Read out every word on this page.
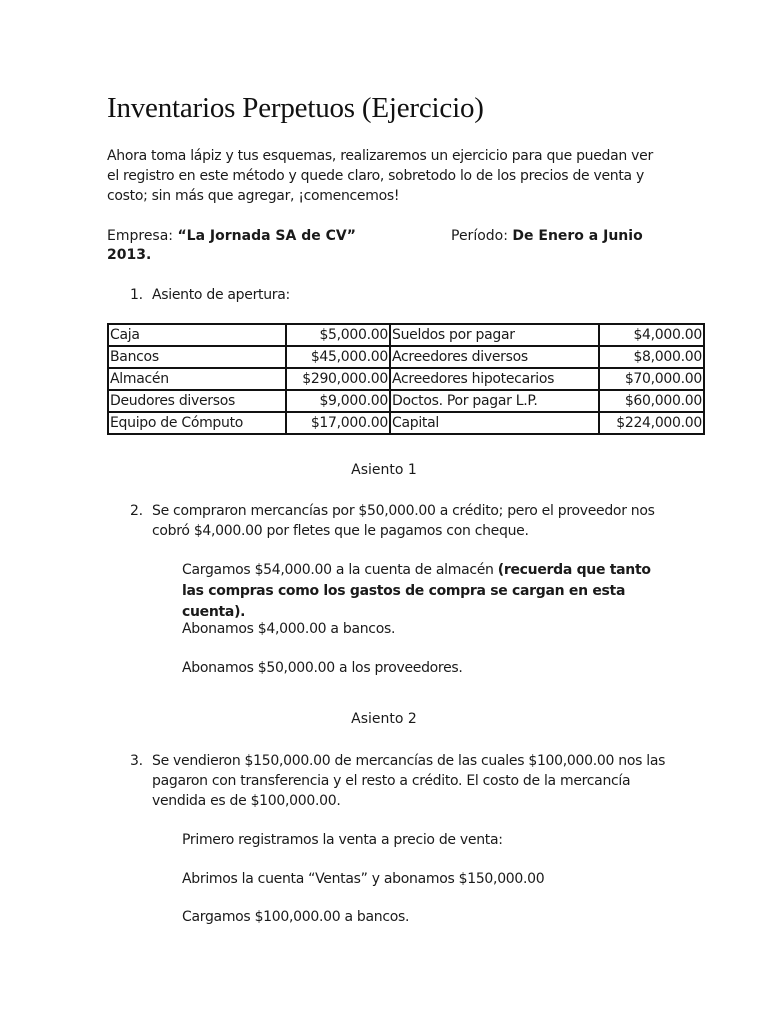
Inventarios Perpetuos (Ejercicio)

Ahora toma lápiz y tus esquemas, realizaremos un ejercicio para que puedan ver el registro en este método y quede claro, sobretodo lo de los precios de venta y costo; sin más que agregar, ¡comencemos!

Empresa: “La Jornada SA de CV”	Período: De Enero a Junio
2013.
1. Asiento de apertura:
Caja	$5,000.00	Sueldos por pagar	$4,000.00
Bancos	$45,000.00	Acreedores diversos	$8,000.00
Almacén	$290,000.00	Acreedores hipotecarios	$70,000.00
Deudores diversos	$9,000.00	Doctos. Por pagar L.P.	$60,000.00
Equipo de Cómputo	$17,000.00	Capital	$224,000.00
Asiento 1
2. Se compraron mercancías por $50,000.00 a crédito; pero el proveedor nos cobró $4,000.00 por fletes que le pagamos con cheque.
Cargamos $54,000.00 a la cuenta de almacén (recuerda que tanto las compras como los gastos de compra se cargan en esta cuenta).
Abonamos $4,000.00 a bancos.
Abonamos $50,000.00 a los proveedores.
Asiento 2
3. Se vendieron $150,000.00 de mercancías de las cuales $100,000.00 nos las pagaron con transferencia y el resto a crédito. El costo de la mercancía vendida es de $100,000.00.
Primero registramos la venta a precio de venta:
Abrimos la cuenta “Ventas” y abonamos $150,000.00
Cargamos $100,000.00 a bancos.
